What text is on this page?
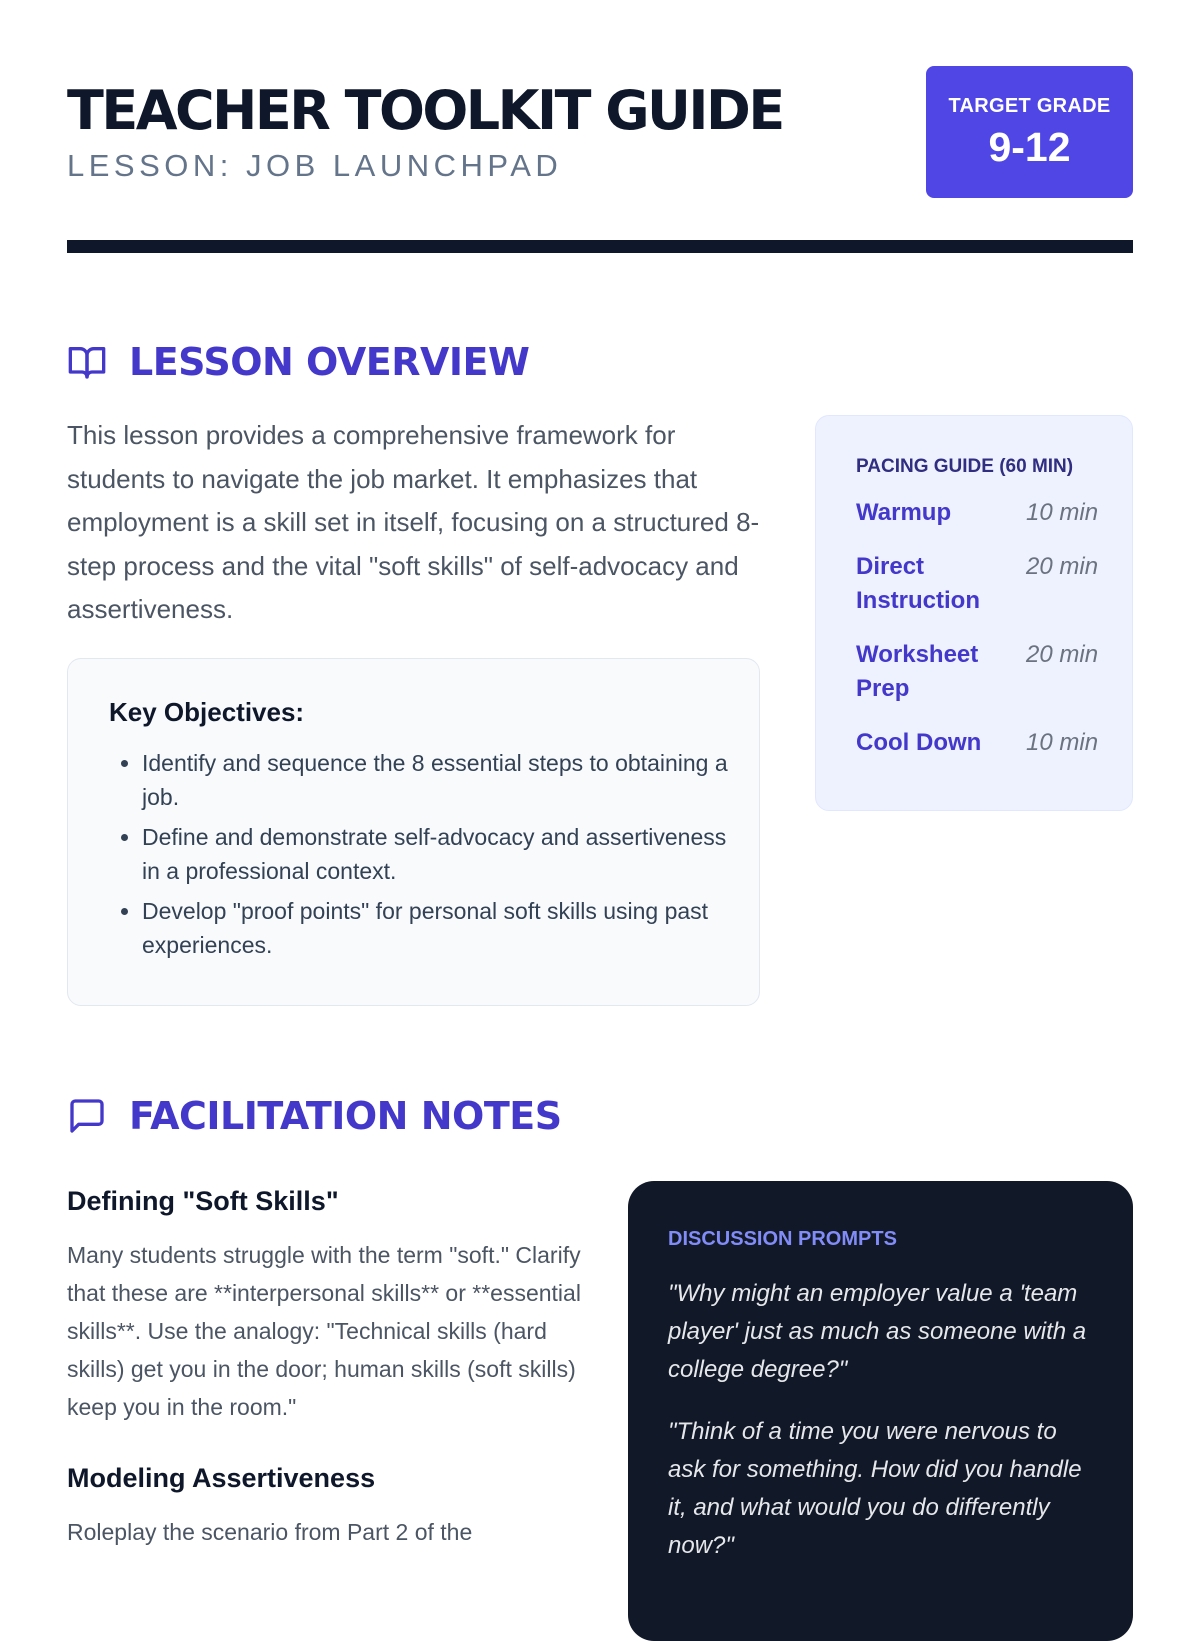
TEACHER TOOLKIT GUIDE
LESSON: JOB LAUNCHPAD
TARGET GRADE
9-12
LESSON OVERVIEW

This lesson provides a comprehensive framework for students to navigate the job market. It emphasizes that employment is a skill set in itself, focusing on a structured 8-step process and the vital "soft skills" of self-advocacy and assertiveness.

Key Objectives:
• Identify and sequence the 8 essential steps to obtaining a job.
• Define and demonstrate self-advocacy and assertiveness in a professional context.
• Develop "proof points" for personal soft skills using past experiences.
PACING GUIDE (60 MIN)
Warmup	10 min
Direct Instruction
20 min
Worksheet Prep
20 min
Cool Down	10 min
FACILITATION NOTES
Defining "Soft Skills"

Many students struggle with the term "soft." Clarify that these are **interpersonal skills** or **essential skills**. Use the analogy: "Technical skills (hard skills) get you in the door; human skills (soft skills) keep you in the room."

Modeling Assertiveness

Roleplay the scenario from Part 2 of the

DISCUSSION PROMPTS

"Why might an employer value a 'team player' just as much as someone with a college degree?"

"Think of a time you were nervous to ask for something. How did you handle it, and what would you do differently now?"
